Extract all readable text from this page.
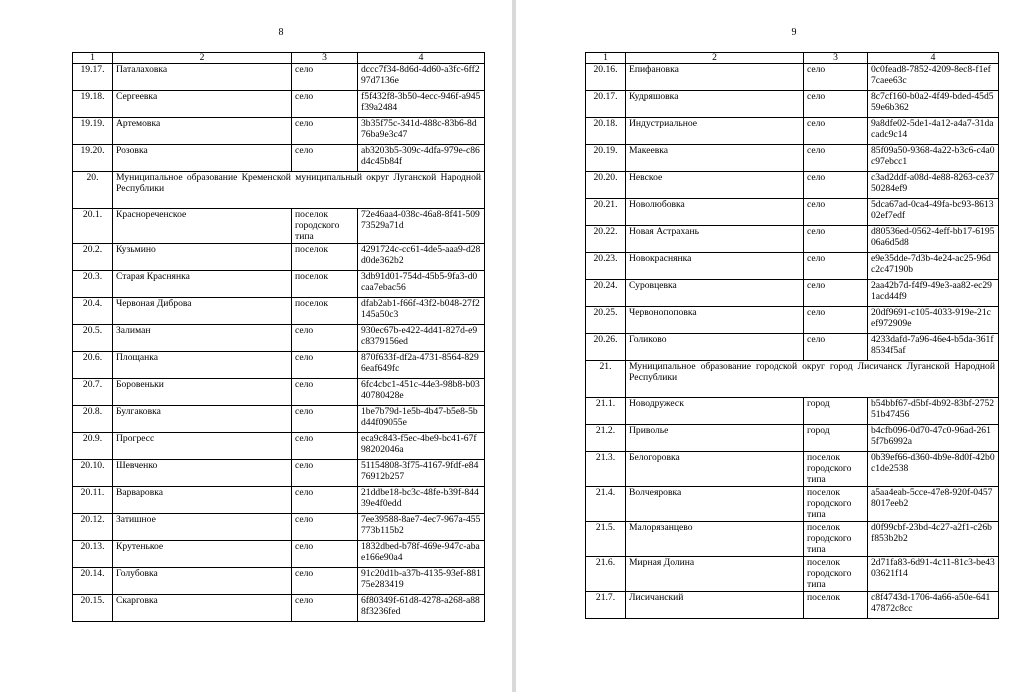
8
1	2	3	4
19.17.	Паталаховка	село	dccc7f34-8d6d-4d60-a3fc-6ff297d7136e
19.18.	Сергеевка	село	f5f432f8-3b50-4ecc-946f-a945f39a2484
19.19.	Артемовка	село	3b35f75c-341d-488c-83b6-8d76ba9e3c47
19.20.	Розовка	село	ab3203b5-309c-4dfa-979e-c86d4c45b84f
20.	Муниципальное образование Кременской муниципальный округ Луганской Народной Республики		
20.1.	Краснореченское	поселок городского типа	72e46aa4-038c-46a8-8f41-50973529a71d
20.2.	Кузьмино	поселок	4291724c-cc61-4de5-aaa9-d28d0de362b2
20.3.	Старая Краснянка	поселок	3db91d01-754d-45b5-9fa3-d0caa7ebac56
20.4.	Червоная Диброва	поселок	dfab2ab1-f66f-43f2-b048-27f2145a50c3
20.5.	Залиман	село	930ec67b-e422-4d41-827d-e9c8379156ed
20.6.	Площанка	село	870f633f-df2a-4731-8564-8296eaf649fc
20.7.	Боровеньки	село	6fc4cbc1-451c-44e3-98b8-b0340780428e
20.8.	Булгаковка	село	1be7b79d-1e5b-4b47-b5e8-5bd44f09055e
20.9.	Прогресс	село	eca9c843-f5ec-4be9-bc41-67f98202046a
20.10.	Шевченко	село	51154808-3f75-4167-9fdf-e8476912b257
20.11.	Варваровка	село	21ddbe18-bc3c-48fe-b39f-84439e4f0edd
20.12.	Затишное	село	7ee39588-8ae7-4ec7-967a-455773b115b2
20.13.	Крутенькое	село	1832dbed-b78f-469e-947c-abae166e90a4
20.14.	Голубовка	село	91c20d1b-a37b-4135-93ef-88175e283419
20.15.	Скарговка	село	6f80349f-61d8-4278-a268-a888f3236fed
9
1	2	3	4
20.16.	Епифановка	село	0c0fead8-7852-4209-8ec8-f1ef7caee63c
20.17.	Кудряшовка	село	8c7cf160-b0a2-4f49-bded-45d559e6b362
20.18.	Индустриальное	село	9a8dfe02-5de1-4a12-a4a7-31dacadc9c14
20.19.	Макеевка	село	85f09a50-9368-4a22-b3c6-c4a0c97ebcc1
20.20.	Невское	село	c3ad2ddf-a08d-4e88-8263-ce3750284ef9
20.21.	Новолюбовка	село	5dca67ad-0ca4-49fa-bc93-861302ef7edf
20.22.	Новая Астрахань	село	d80536ed-0562-4eff-bb17-619506a6d5d8
20.23.	Новокраснянка	село	e9e35dde-7d3b-4e24-ac25-96dc2c47190b
20.24.	Суровцевка	село	2aa42b7d-f4f9-49e3-aa82-ec291acd44f9
20.25.	Червонопоповка	село	20df9691-c105-4033-919e-21cef972909e
20.26.	Голиково	село	4233dafd-7a96-46e4-b5da-361f8534f5af
21.	Муниципальное образование городской округ город Лисичанск Луганской Народной Республики		
21.1.	Новодружеск	город	b54bbf67-d5bf-4b92-83bf-275251b47456
21.2.	Привольe	город	b4cfb096-0d70-47c0-96ad-2615f7b6992a
21.3.	Белогоровка	поселок городского типа	0b39ef66-d360-4b9e-8d0f-42b0c1de2538
21.4.	Волчеяровка	поселок городского типа	a5aa4eab-5cce-47e8-920f-04578017eeb2
21.5.	Малорязанцево	поселок городского типа	d0f99cbf-23bd-4c27-a2f1-c26bf853b2b2
21.6.	Мирная Долина	поселок городского типа	2d71fa83-6d91-4c11-81c3-be4303621f14
21.7.	Лисичанский	поселок	c8f4743d-1706-4a66-a50e-64147872c8cc
